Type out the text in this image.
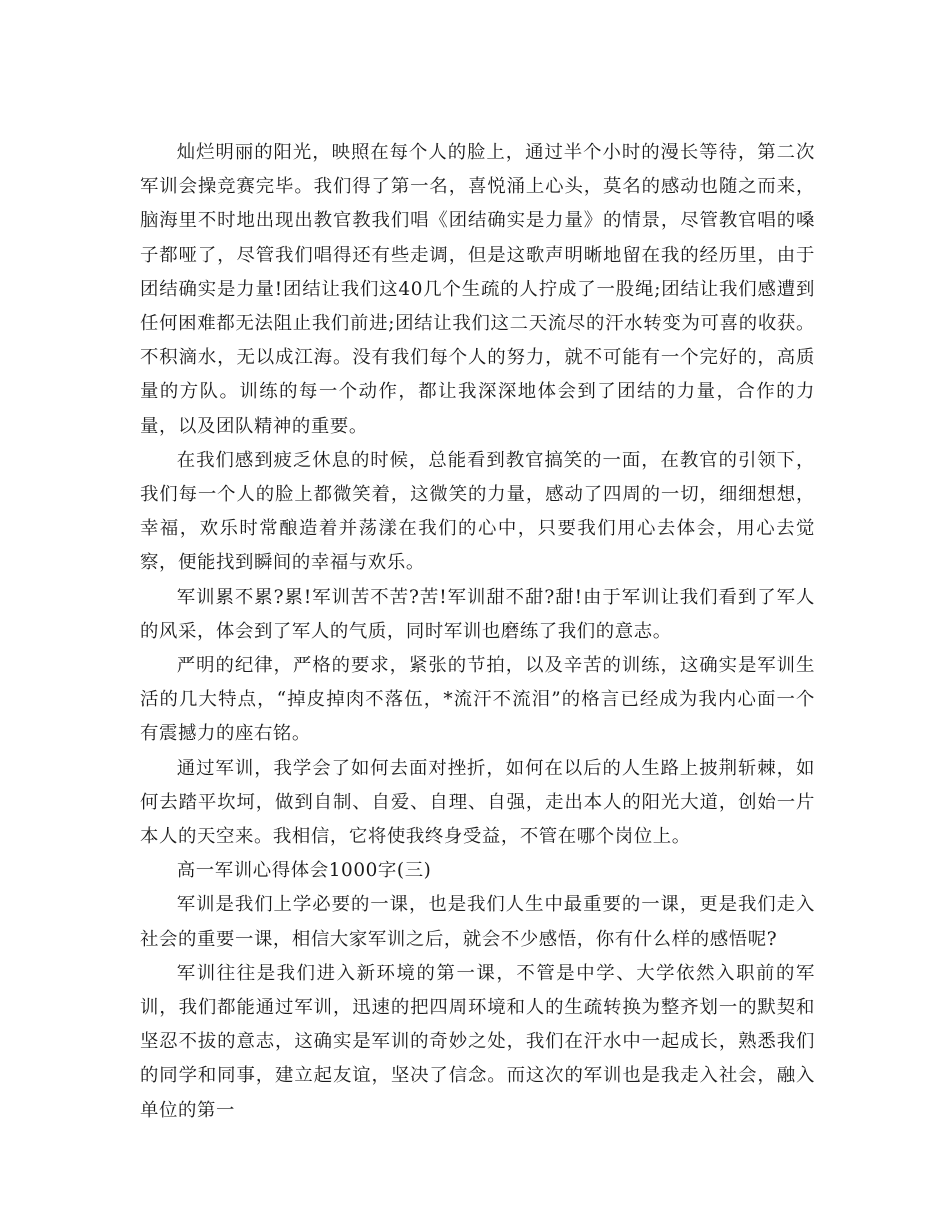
灿烂明丽的阳光，映照在每个人的脸上，通过半个小时的漫长等待，第二次军训会操竞赛完毕。我们得了第一名，喜悦涌上心头，莫名的感动也随之而来，脑海里不时地出现出教官教我们唱《团结确实是力量》的情景，尽管教官唱的嗓子都哑了，尽管我们唱得还有些走调，但是这歌声明晰地留在我的经历里，由于团结确实是力量!团结让我们这40几个生疏的人拧成了一股绳;团结让我们感遭到任何困难都无法阻止我们前进;团结让我们这二天流尽的汗水转变为可喜的收获。不积滴水，无以成江海。没有我们每个人的努力，就不可能有一个完好的，高质量的方队。训练的每一个动作，都让我深深地体会到了团结的力量，合作的力量，以及团队精神的重要。

在我们感到疲乏休息的时候，总能看到教官搞笑的一面，在教官的引领下，我们每一个人的脸上都微笑着，这微笑的力量，感动了四周的一切，细细想想，幸福，欢乐时常酿造着并荡漾在我们的心中，只要我们用心去体会，用心去觉察，便能找到瞬间的幸福与欢乐。

军训累不累?累!军训苦不苦?苦!军训甜不甜?甜!由于军训让我们看到了军人的风采，体会到了军人的气质，同时军训也磨练了我们的意志。

严明的纪律，严格的要求，紧张的节拍，以及辛苦的训练，这确实是军训生活的几大特点，“掉皮掉肉不落伍，*流汗不流泪”的格言已经成为我内心面一个有震撼力的座右铭。

通过军训，我学会了如何去面对挫折，如何在以后的人生路上披荆斩棘，如何去踏平坎坷，做到自制、自爱、自理、自强，走出本人的阳光大道，创始一片本人的天空来。我相信，它将使我终身受益，不管在哪个岗位上。

高一军训心得体会1000字(三)

军训是我们上学必要的一课，也是我们人生中最重要的一课，更是我们走入社会的重要一课，相信大家军训之后，就会不少感悟，你有什么样的感悟呢?

军训往往是我们进入新环境的第一课，不管是中学、大学依然入职前的军训，我们都能通过军训，迅速的把四周环境和人的生疏转换为整齐划一的默契和坚忍不拔的意志，这确实是军训的奇妙之处，我们在汗水中一起成长，熟悉我们的同学和同事，建立起友谊，坚决了信念。而这次的军训也是我走入社会，融入单位的第一
